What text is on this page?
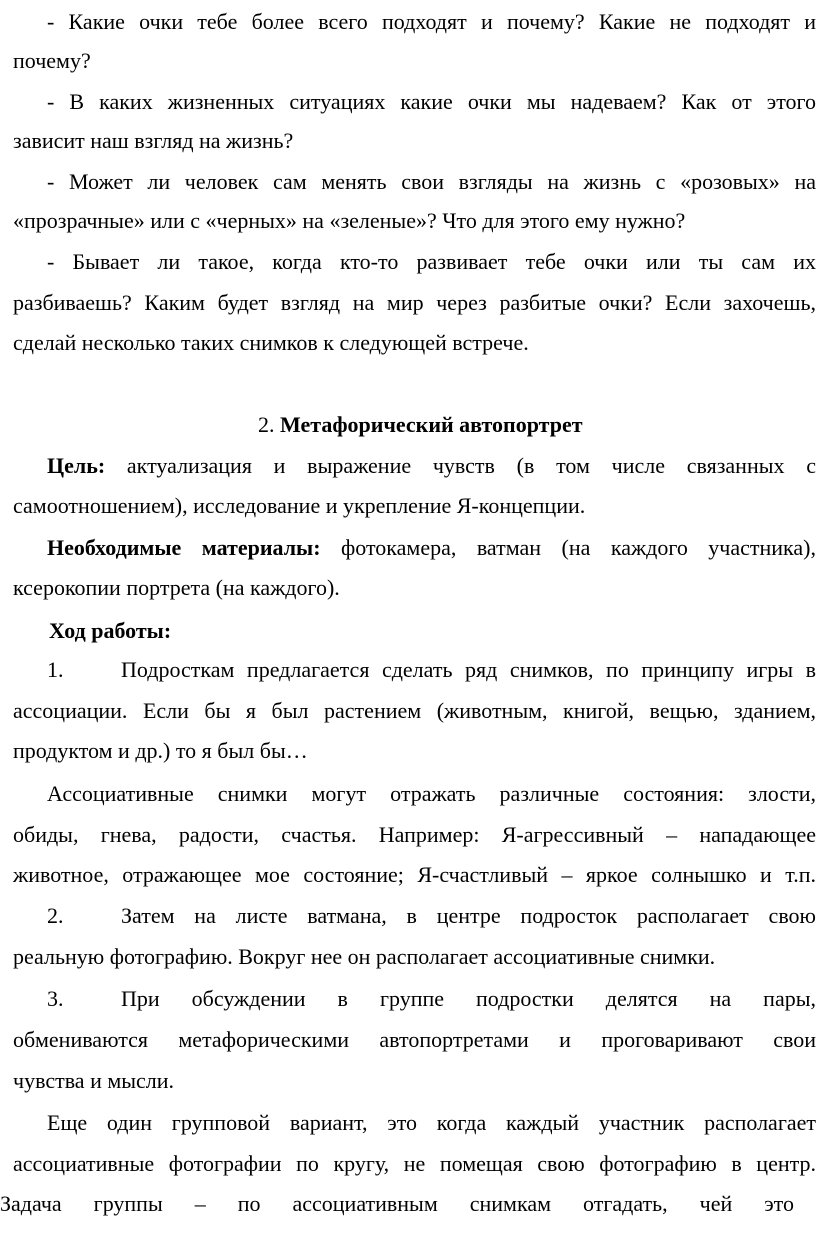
- Какие очки тебе более всего подходят и почему? Какие не подходят и
почему?
- В каких жизненных ситуациях какие очки мы надеваем? Как от этого
зависит наш взгляд на жизнь?
- Может ли человек сам менять свои взгляды на жизнь с «розовых» на
«прозрачные» или с «черных» на «зеленые»? Что для этого ему нужно?
- Бывает ли такое, когда кто-то развивает тебе очки или ты сам их
разбиваешь? Каким будет взгляд на мир через разбитые очки? Если захочешь,
сделай несколько таких снимков к следующей встрече.
2. Метафорический автопортрет
Цель: актуализация и выражение чувств (в том числе связанных с
самоотношением), исследование и укрепление Я-концепции.
Необходимые материалы: фотокамера, ватман (на каждого участника),
ксерокопии портрета (на каждого).
Ход работы:
1.	Подросткам предлагается сделать ряд снимков, по принципу игры в
ассоциации. Если бы я был растением (животным, книгой, вещью, зданием,
продуктом и др.) то я был бы…
Ассоциативные снимки могут отражать различные состояния: злости,
обиды, гнева, радости, счастья. Например: Я-агрессивный – нападающее
животное, отражающее мое состояние; Я-счастливый – яркое солнышко и т.п.
2.	Затем на листе ватмана, в центре подросток располагает свою
реальную фотографию. Вокруг нее он располагает ассоциативные снимки.
3.	При обсуждении в группе подростки делятся на пары,
обмениваются метафорическими автопортретами и проговаривают свои
чувства и мысли.
Еще один групповой вариант, это когда каждый участник располагает
ассоциативные фотографии по кругу, не помещая свою фотографию в центр.
Задача группы – по ассоциативным снимкам отгадать, чей это
